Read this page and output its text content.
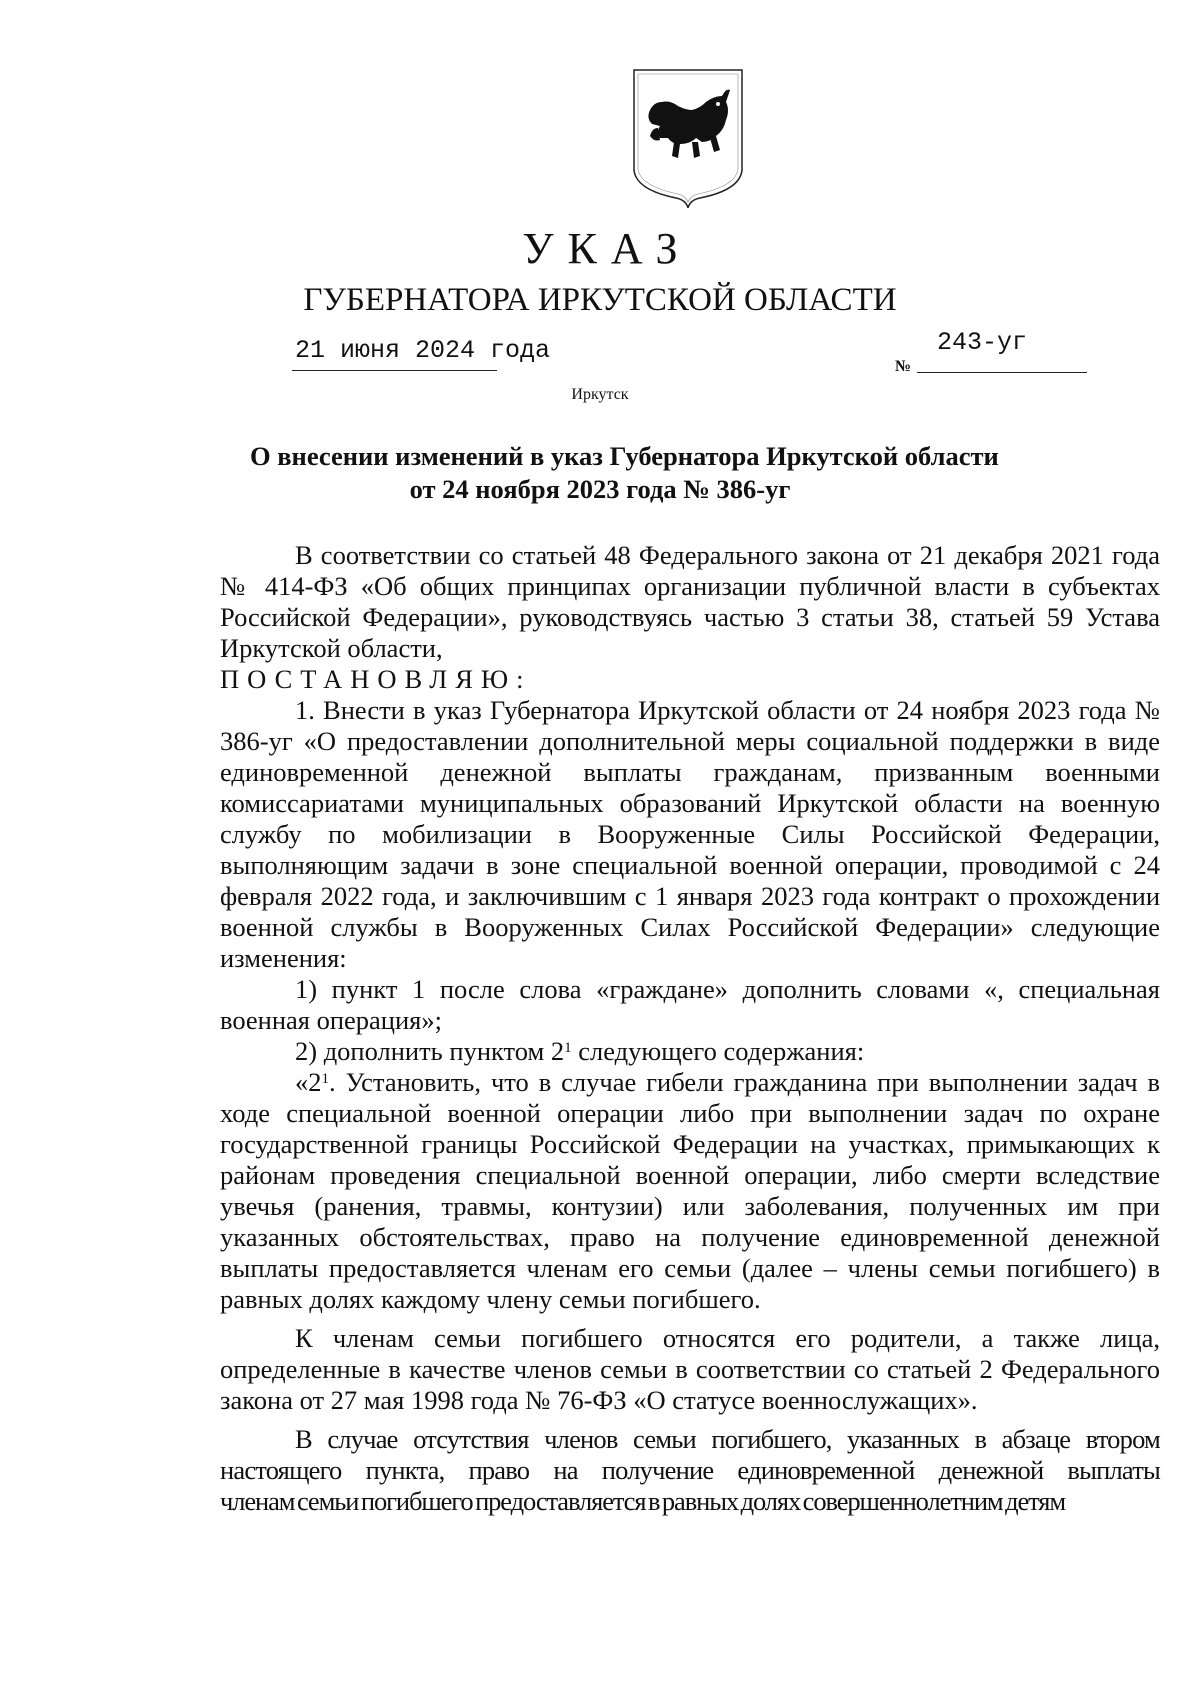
УКАЗ
ГУБЕРНАТОРА ИРКУТСКОЙ ОБЛАСТИ
21 июня 2024 года
№
243-уг
Иркутск
О внесении изменений в указ Губернатора Иркутской области
от 24 ноября 2023 года № 386-уг

В соответствии со статьей 48 Федерального закона от 21 декабря 2021 года № 414-ФЗ «Об общих принципах организации публичной власти в субъектах Российской Федерации», руководствуясь частью 3 статьи 38, статьей 59 Устава Иркутской области,

ПОСТАНОВЛЯЮ:

1. Внести в указ Губернатора Иркутской области от 24 ноября 2023 года № 386-уг «О предоставлении дополнительной меры социальной поддержки в виде единовременной денежной выплаты гражданам, призванным военными комиссариатами муниципальных образований Иркутской области на военную службу по мобилизации в Вооруженные Силы Российской Федерации, выполняющим задачи в зоне специальной военной операции, проводимой с 24 февраля 2022 года, и заключившим с 1 января 2023 года контракт о прохождении военной службы в Вооруженных Силах Российской Федерации» следующие изменения:

1) пункт 1 после слова «граждане» дополнить словами «, специальная военная операция»;

2) дополнить пунктом $2^1$ следующего содержания:

«$2^1$. Установить, что в случае гибели гражданина при выполнении задач в ходе специальной военной операции либо при выполнении задач по охране государственной границы Российской Федерации на участках, примыкающих к районам проведения специальной военной операции, либо смерти вследствие увечья (ранения, травмы, контузии) или заболевания, полученных им при указанных обстоятельствах, право на получение единовременной денежной выплаты предоставляется членам его семьи (далее – члены семьи погибшего) в равных долях каждому члену семьи погибшего.

К членам семьи погибшего относятся его родители, а также лица, определенные в качестве членов семьи в соответствии со статьей 2 Федерального закона от 27 мая 1998 года № 76-ФЗ «О статусе военнослужащих».

В случае отсутствия членов семьи погибшего, указанных в абзаце втором настоящего пункта, право на получение единовременной денежной выплаты членам семьи погибшего предоставляется в равных долях совершеннолетним детям
